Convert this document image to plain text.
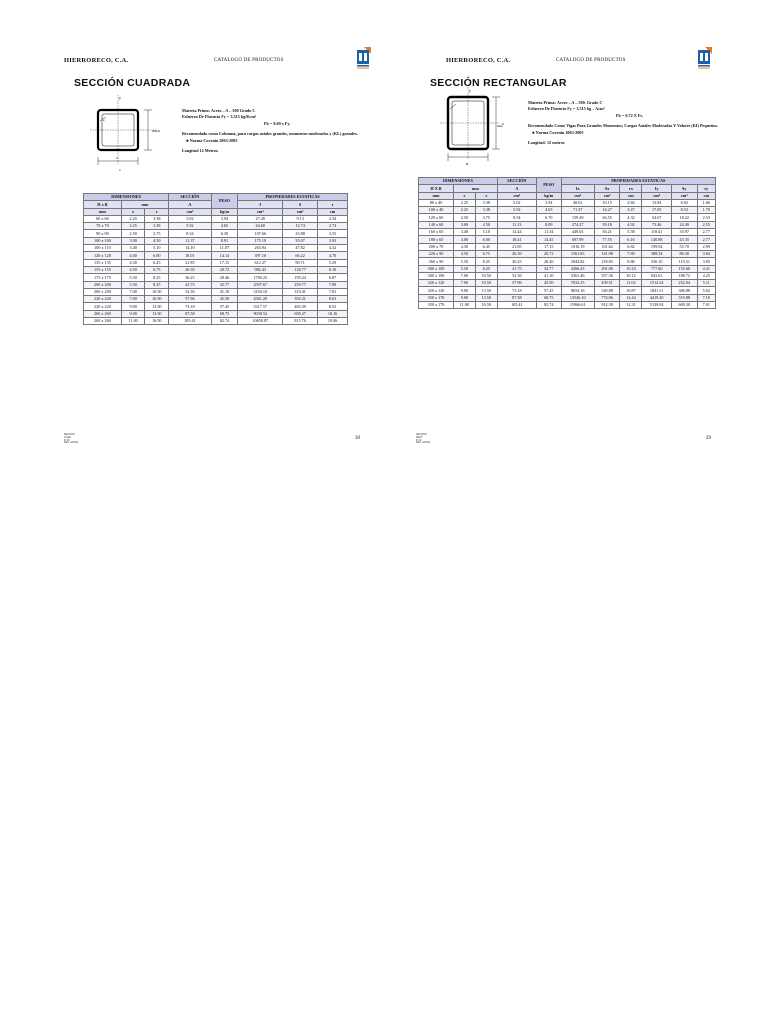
HIERRORECO, C.A.	CATALOGO DE PRODUCTOS
SECCIÓN CUADRADA
y
x
mm
e
b
x

Materia Prima: Acero – A – 500 Grado C

Esfuerzo De Fluencia Fy = 3.515 kg/Kcm²

Fb = 0.69 x Fy.

Recomendado como Columna, para cargas axiales grandes, momentos moderados y (KL) grandes.

♣ Norma Covenin 2063-2005

Longitud 12 Metros.

DIMENSIONES			SECCIÓN	PESO	PROPIEDADES ESTATICAS		
H x B	mm		A		I	S	r
mm	e	r	cm²	kg/m	cm⁴	cm³	cm
60 x 60	2.25	3.38	5.02	3.94	27.40	9.13	2.34
70 x 70	2.25	3.38	5.92	4.65	44.60	12.74	2.74
90 x 90	2.50	3.75	8.34	6.30	107.66	23.88	3.55
100 x 100	3.00	4.50	11.37	8.91	175.19	35.07	3.93
100 x 110	3.40	5.10	14.10	11.07	263.94	47.82	4.32
120 x 120	4.00	6.00	18.01	14.14	397.10	66.22	4.70
135 x 135	4.30	6.45	21.85	17.15	612.27	90.71	5.29
155 x 155	4.50	6.75	26.39	20.72	982.43	128.77	6.10
175 x 175	5.50	8.25	36.25	28.46	1790.25	195.24	6.87
200 x 200	5.50	8.25	41.75	32.77	2597.67	259.77	7.89
200 x 200	7.00	10.50	52.36	41.10	3194.10	319.41	7.81
220 x 220	7.00	10.50	57.96	45.50	4361.20	392.21	8.63
220 x 220	9.00	13.50	73.18	57.45	5317.57	483.39	8.52
260 x 260	9.00	13.50	87.58	68.75	9038.52	695.27	10.16
260 x 260	11.00	16.50	105.41	82.74	10658.87	815.76	10.06
SECCION
CUAD.
P. 30
REV. 01/2011
30
HIERRORECO, C.A.	CATALOGO DE PRODUCTOS
SECCIÓN RECTANGULAR
y
x
mm
B

Materia Prima: Acero – A – 500. Grado C

Esfuerzo De Fluencia Fy = 3.515 kg – Acm²

Fb = 0.72 X Fs.

Recomendado Como Vigas Para Grandes Momentos; Cargas Axiales Moderadas Y Valores (KI) Pequeños.

♣ Norma Covenin 2063-2005

Longitud: 12 metros

DIMENSIONES			SECCIÓN	PESO	PROPIEDADES ESTATICAS					
H X B	mm		A		Ix	Sx	rx	Iy	Sy	ry
mm	e	r	cm²	kg/m	cm⁴	cm³	cm	cm⁴	cm³	cm
80 x 40	2.25	3.38	5.02	3.94	40.61	10.15	2.84	13.84	6.92	1.66
100 x 40	2.25	3.38	5.92	4.65	71.37	14.27	3.47	17.05	8.53	1.70
120 x 60	2.50	3.75	8.54	6.70	159.29	26.55	4.32	54.67	18.22	2.53
140 x 60	3.00	4.50	11.33	8.89	274.27	39.18	4.92	73.46	24.49	2.55
160 x 65	3.40	5.10	14.44	11.34	449.65	56.21	5.58	110.41	33.97	2.77
180 x 65	4.00	6.00	18.41	14.45	697.99	77.55	6.16	140.88	43.35	2.77
200 x 70	4.30	6.45	21.85	17.15	1016.19	101.62	6.82	199.94	55.70	2.99
220 x 90	4.50	6.75	26.39	20.72	1561.83	141.98	7.69	388.34	86.30	3.84
260 x 90	5.50	8.25	36.25	28.46	2844.82	218.83	8.86	536.10	119.31	3.85
300 x 100	5.50	8.25	41.75	32.77	4366.43	291.06	10.23	777.60	155.60	4.31
300 x 100	7.00	10.50	52.36	41.10	5361.46	357.36	10.12	943.61	188.72	4.25
320 x 120	7.00	10.50	57.96	45.50	7032.25	439.51	11.02	1512.24	252.04	5.11
320 x 120	9.00	13.50	73.18	57.45	8654.16	540.88	10.87	1841.31	306.88	5.02
350 x 170	9.00	13.50	87.58	68.75	13546.10	774.06	12.44	4419.20	519.88	7.10
350 x 170	11.00	16.50	105.41	82.74	15966.61	912.39	12.31	5139.04	609.30	7.01
SECCION
RECT.
P. 29
REV. 01/2011
29
